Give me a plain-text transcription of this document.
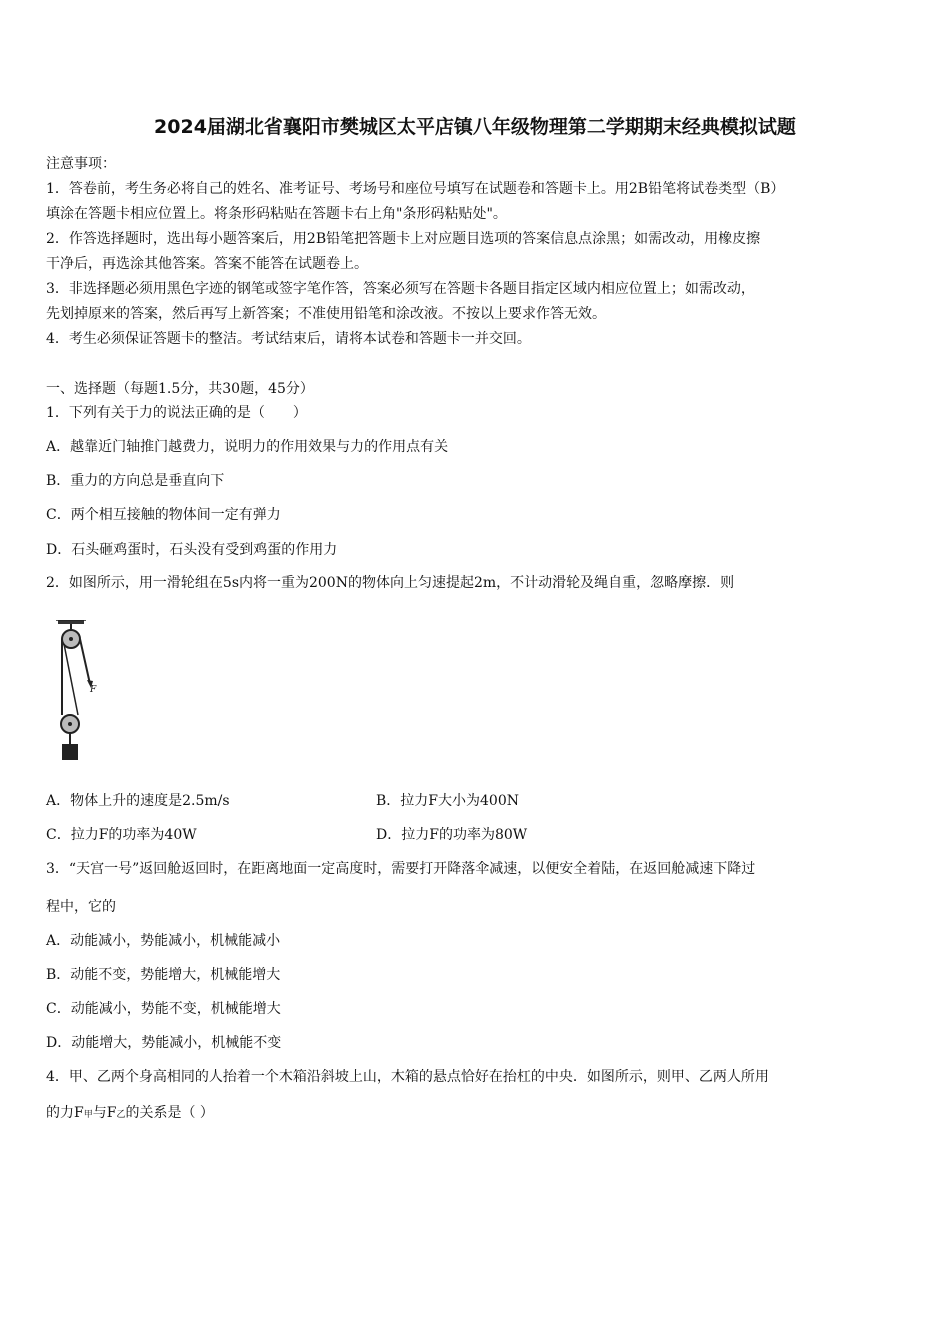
2024届湖北省襄阳市樊城区太平店镇八年级物理第二学期期末经典模拟试题
注意事项：
1．答卷前，考生务必将自己的姓名、准考证号、考场号和座位号填写在试题卷和答题卡上。用2B铅笔将试卷类型（B）
填涂在答题卡相应位置上。将条形码粘贴在答题卡右上角"条形码粘贴处"。
2．作答选择题时，选出每小题答案后，用2B铅笔把答题卡上对应题目选项的答案信息点涂黑；如需改动，用橡皮擦
干净后，再选涂其他答案。答案不能答在试题卷上。
3．非选择题必须用黑色字迹的钢笔或签字笔作答，答案必须写在答题卡各题目指定区域内相应位置上；如需改动，
先划掉原来的答案，然后再写上新答案；不准使用铅笔和涂改液。不按以上要求作答无效。
4．考生必须保证答题卡的整洁。考试结束后，请将本试卷和答题卡一并交回。
一、选择题（每题1.5分，共30题，45分）
1．下列有关于力的说法正确的是（　　）
A．越靠近门轴推门越费力，说明力的作用效果与力的作用点有关
B．重力的方向总是垂直向下
C．两个相互接触的物体间一定有弹力
D．石头砸鸡蛋时，石头没有受到鸡蛋的作用力
2．如图所示，用一滑轮组在5s内将一重为200N的物体向上匀速提起2m，不计动滑轮及绳自重，忽略摩擦．则
F
A．物体上升的速度是2.5m/s	B．拉力F大小为400N
C．拉力F的功率为40W	D．拉力F的功率为80W
3．“天宫一号”返回舱返回时，在距离地面一定高度时，需要打开降落伞减速，以便安全着陆，在返回舱减速下降过
程中，它的
A．动能减小，势能减小，机械能减小
B．动能不变，势能增大，机械能增大
C．动能减小，势能不变，机械能增大
D．动能增大，势能减小，机械能不变
4．甲、乙两个身高相同的人抬着一个木箱沿斜坡上山，木箱的悬点恰好在抬杠的中央．如图所示，则甲、乙两人所用
的力F甲与F乙的关系是（ ）
